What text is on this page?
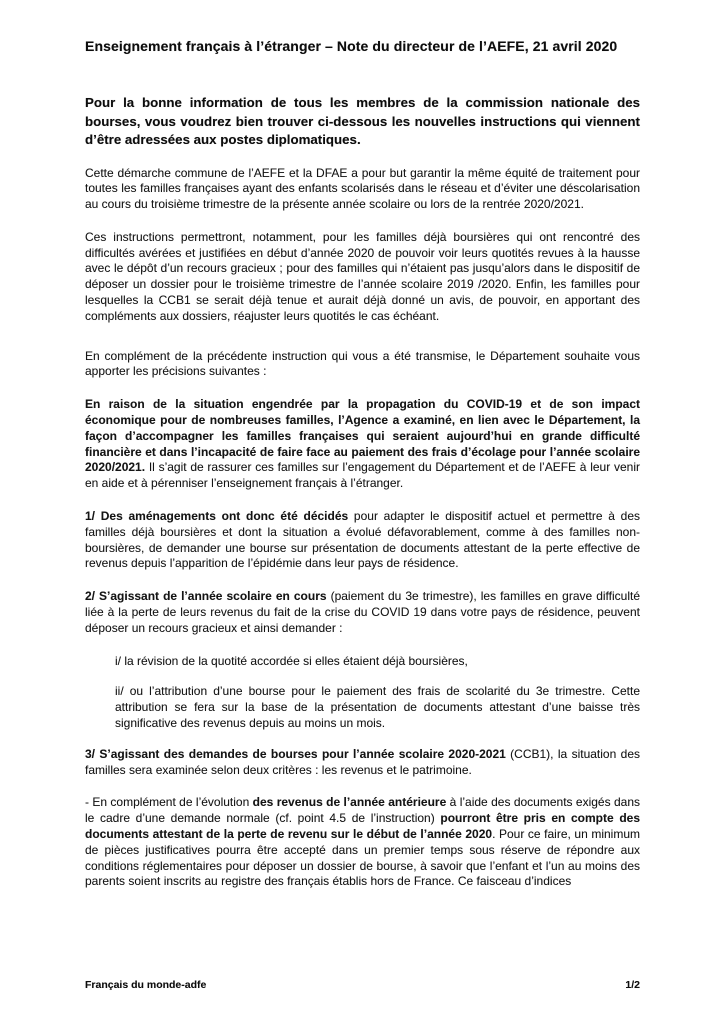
Enseignement français à l’étranger – Note du directeur de l’AEFE, 21 avril 2020

Pour la bonne information de tous les membres de la commission nationale des bourses, vous voudrez bien trouver ci-dessous les nouvelles instructions qui viennent d’être adressées aux postes diplomatiques.

Cette démarche commune de l’AEFE et la DFAE a pour but garantir la même équité de traitement pour toutes les familles françaises ayant des enfants scolarisés dans le réseau et d’éviter une déscolarisation au cours du troisième trimestre de la présente année scolaire ou lors de la rentrée 2020/2021.

Ces instructions permettront, notamment, pour les familles déjà boursières qui ont rencontré des difficultés avérées et justifiées en début d’année 2020 de pouvoir voir leurs quotités revues à la hausse avec le dépôt d’un recours gracieux ; pour des familles qui n’étaient pas jusqu’alors dans le dispositif de déposer un dossier pour le troisième trimestre de l’année scolaire 2019 /2020. Enfin, les familles pour lesquelles la CCB1 se serait déjà tenue et aurait déjà donné un avis, de pouvoir, en apportant des compléments aux dossiers, réajuster leurs quotités le cas échéant.

En complément de la précédente instruction qui vous a été transmise, le Département souhaite vous apporter les précisions suivantes :

En raison de la situation engendrée par la propagation du COVID-19 et de son impact économique pour de nombreuses familles, l’Agence a examiné, en lien avec le Département, la façon d’accompagner les familles françaises qui seraient aujourd’hui en grande difficulté financière et dans l’incapacité de faire face au paiement des frais d’écolage pour l’année scolaire 2020/2021. Il s’agit de rassurer ces familles sur l’engagement du Département et de l’AEFE à leur venir en aide et à pérenniser l’enseignement français à l’étranger.

1/ Des aménagements ont donc été décidés pour adapter le dispositif actuel et permettre à des familles déjà boursières et dont la situation a évolué défavorablement, comme à des familles non-boursières, de demander une bourse sur présentation de documents attestant de la perte effective de revenus depuis l’apparition de l’épidémie dans leur pays de résidence.

2/ S’agissant de l’année scolaire en cours (paiement du 3e trimestre), les familles en grave difficulté liée à la perte de leurs revenus du fait de la crise du COVID 19 dans votre pays de résidence, peuvent déposer un recours gracieux et ainsi demander :

i/ la révision de la quotité accordée si elles étaient déjà boursières,

ii/ ou l’attribution d’une bourse pour le paiement des frais de scolarité du 3e trimestre. Cette attribution se fera sur la base de la présentation de documents attestant d’une baisse très significative des revenus depuis au moins un mois.

3/ S’agissant des demandes de bourses pour l’année scolaire 2020-2021 (CCB1), la situation des familles sera examinée selon deux critères : les revenus et le patrimoine.

- En complément de l’évolution des revenus de l’année antérieure à l’aide des documents exigés dans le cadre d’une demande normale (cf. point 4.5 de l’instruction) pourront être pris en compte des documents attestant de la perte de revenu sur le début de l’année 2020. Pour ce faire, un minimum de pièces justificatives pourra être accepté dans un premier temps sous réserve de répondre aux conditions réglementaires pour déposer un dossier de bourse, à savoir que l’enfant et l’un au moins des parents soient inscrits au registre des français établis hors de France. Ce faisceau d’indices

Français du monde-adfe	1/2
